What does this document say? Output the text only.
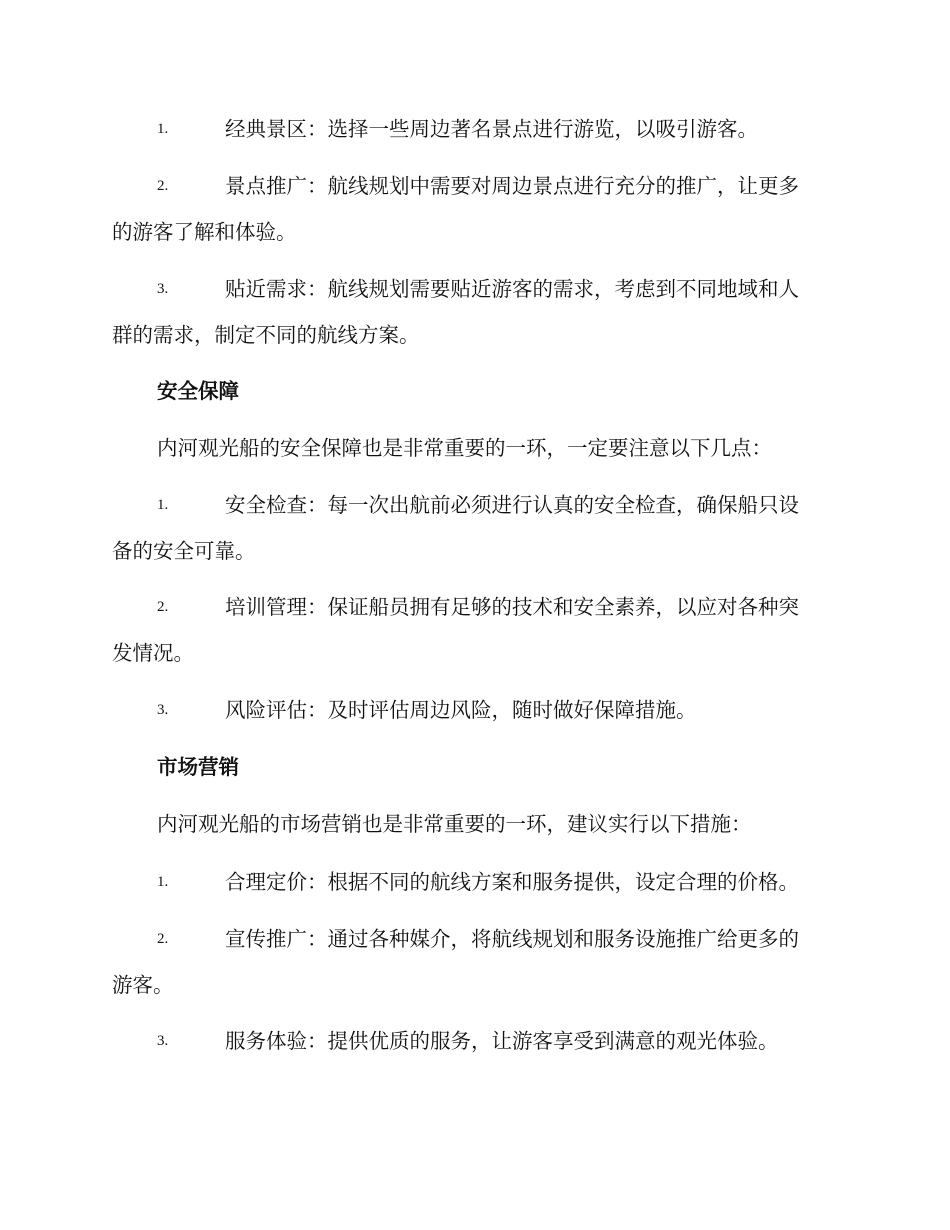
1.	经典景区：选择一些周边著名景点进行游览，以吸引游客。
2.	景点推广：航线规划中需要对周边景点进行充分的推广，让更多
的游客了解和体验。
3.	贴近需求：航线规划需要贴近游客的需求，考虑到不同地域和人
群的需求，制定不同的航线方案。
安全保障
内河观光船的安全保障也是非常重要的一环，一定要注意以下几点：
1.	安全检查：每一次出航前必须进行认真的安全检查，确保船只设
备的安全可靠。
2.	培训管理：保证船员拥有足够的技术和安全素养，以应对各种突
发情况。
3.	风险评估：及时评估周边风险，随时做好保障措施。
市场营销
内河观光船的市场营销也是非常重要的一环，建议实行以下措施：
1.	合理定价：根据不同的航线方案和服务提供，设定合理的价格。
2.	宣传推广：通过各种媒介，将航线规划和服务设施推广给更多的
游客。
3.	服务体验：提供优质的服务，让游客享受到满意的观光体验。
